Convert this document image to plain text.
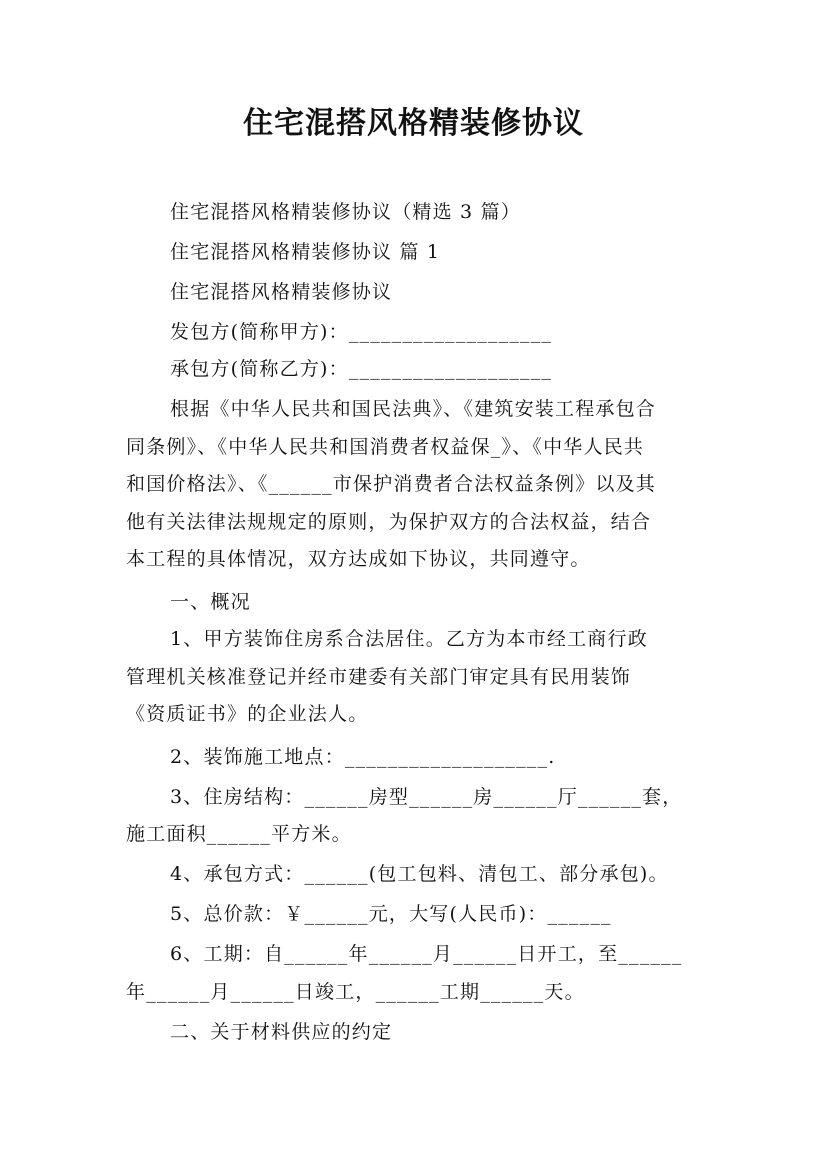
住宅混搭风格精装修协议
住宅混搭风格精装修协议（精选 3 篇）
住宅混搭风格精装修协议 篇 1
住宅混搭风格精装修协议
发包方(简称甲方)：___________________
承包方(简称乙方)：___________________
根据《中华人民共和国民法典》、《建筑安装工程承包合
同条例》、《中华人民共和国消费者权益保_》、《中华人民共
和国价格法》、《______市保护消费者合法权益条例》以及其
他有关法律法规规定的原则，为保护双方的合法权益，结合
本工程的具体情况，双方达成如下协议，共同遵守。
一、概况
1、甲方装饰住房系合法居住。乙方为本市经工商行政
管理机关核准登记并经市建委有关部门审定具有民用装饰
《资质证书》的企业法人。
2、装饰施工地点：___________________.
3、住房结构：______房型______房______厅______套，
施工面积______平方米。
4、承包方式：______(包工包料、清包工、部分承包)。
5、总价款：￥______元，大写(人民币)：______
6、工期：自______年______月______日开工，至______
年______月______日竣工，______工期______天。
二、关于材料供应的约定
